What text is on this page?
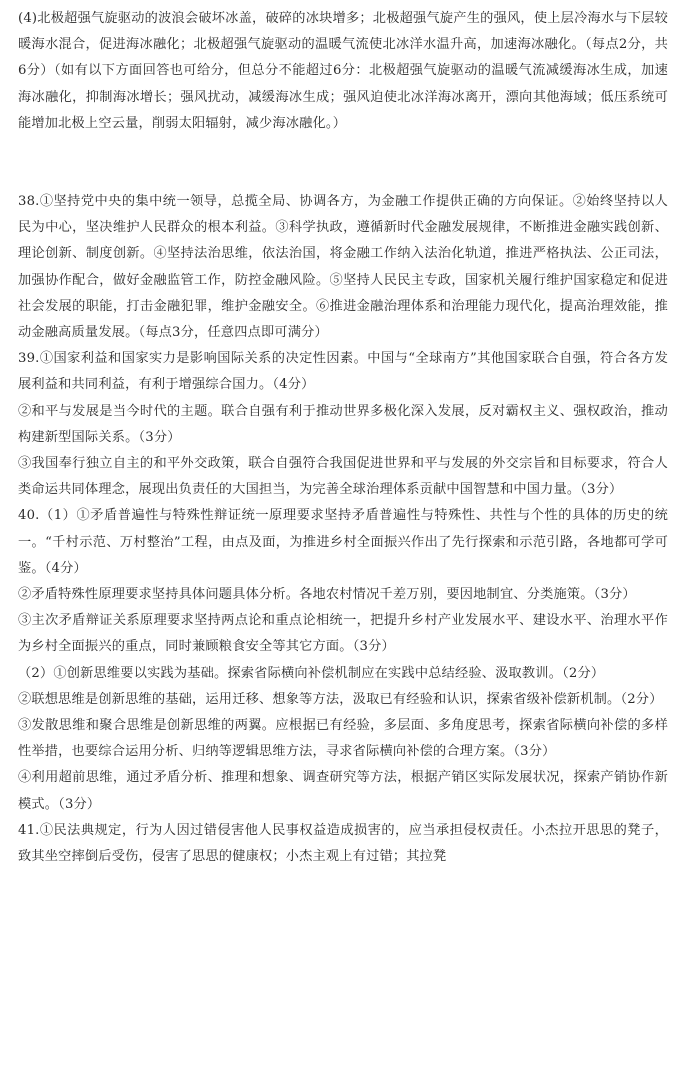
(4)北极超强气旋驱动的波浪会破坏冰盖，破碎的冰块增多；北极超强气旋产生的强风，使上层冷海水与下层较暖海水混合，促进海冰融化；北极超强气旋驱动的温暖气流使北冰洋水温升高，加速海冰融化。（每点2分，共6分）（如有以下方面回答也可给分，但总分不能超过6分：北极超强气旋驱动的温暖气流减缓海冰生成，加速海冰融化，抑制海冰增长；强风扰动，减缓海冰生成；强风迫使北冰洋海冰离开，漂向其他海域；低压系统可能增加北极上空云量，削弱太阳辐射，减少海冰融化。）

38.①坚持党中央的集中统一领导，总揽全局、协调各方，为金融工作提供正确的方向保证。②始终坚持以人民为中心，坚决维护人民群众的根本利益。③科学执政，遵循新时代金融发展规律，不断推进金融实践创新、理论创新、制度创新。④坚持法治思维，依法治国，将金融工作纳入法治化轨道，推进严格执法、公正司法，加强协作配合，做好金融监管工作，防控金融风险。⑤坚持人民民主专政，国家机关履行维护国家稳定和促进社会发展的职能，打击金融犯罪，维护金融安全。⑥推进金融治理体系和治理能力现代化，提高治理效能，推动金融高质量发展。（每点3分，任意四点即可满分）

39.①国家利益和国家实力是影响国际关系的决定性因素。中国与“全球南方”其他国家联合自强，符合各方发展利益和共同利益，有利于增强综合国力。（4分）

②和平与发展是当今时代的主题。联合自强有利于推动世界多极化深入发展，反对霸权主义、强权政治，推动构建新型国际关系。（3分）

③我国奉行独立自主的和平外交政策，联合自强符合我国促进世界和平与发展的外交宗旨和目标要求，符合人类命运共同体理念，展现出负责任的大国担当，为完善全球治理体系贡献中国智慧和中国力量。（3分）

40.（1）①矛盾普遍性与特殊性辩证统一原理要求坚持矛盾普遍性与特殊性、共性与个性的具体的历史的统一。“千村示范、万村整治”工程，由点及面，为推进乡村全面振兴作出了先行探索和示范引路，各地都可学可鉴。（4分）

②矛盾特殊性原理要求坚持具体问题具体分析。各地农村情况千差万别，要因地制宜、分类施策。（3分）

③主次矛盾辩证关系原理要求坚持两点论和重点论相统一，把提升乡村产业发展水平、建设水平、治理水平作为乡村全面振兴的重点，同时兼顾粮食安全等其它方面。（3分）

（2）①创新思维要以实践为基础。探索省际横向补偿机制应在实践中总结经验、汲取教训。（2分）

②联想思维是创新思维的基础，运用迁移、想象等方法，汲取已有经验和认识，探索省级补偿新机制。（2分）

③发散思维和聚合思维是创新思维的两翼。应根据已有经验，多层面、多角度思考，探索省际横向补偿的多样性举措，也要综合运用分析、归纳等逻辑思维方法，寻求省际横向补偿的合理方案。（3分）

④利用超前思维，通过矛盾分析、推理和想象、调查研究等方法，根据产销区实际发展状况，探索产销协作新模式。（3分）

41.①民法典规定，行为人因过错侵害他人民事权益造成损害的，应当承担侵权责任。小杰拉开思思的凳子，致其坐空摔倒后受伤，侵害了思思的健康权；小杰主观上有过错；其拉凳
